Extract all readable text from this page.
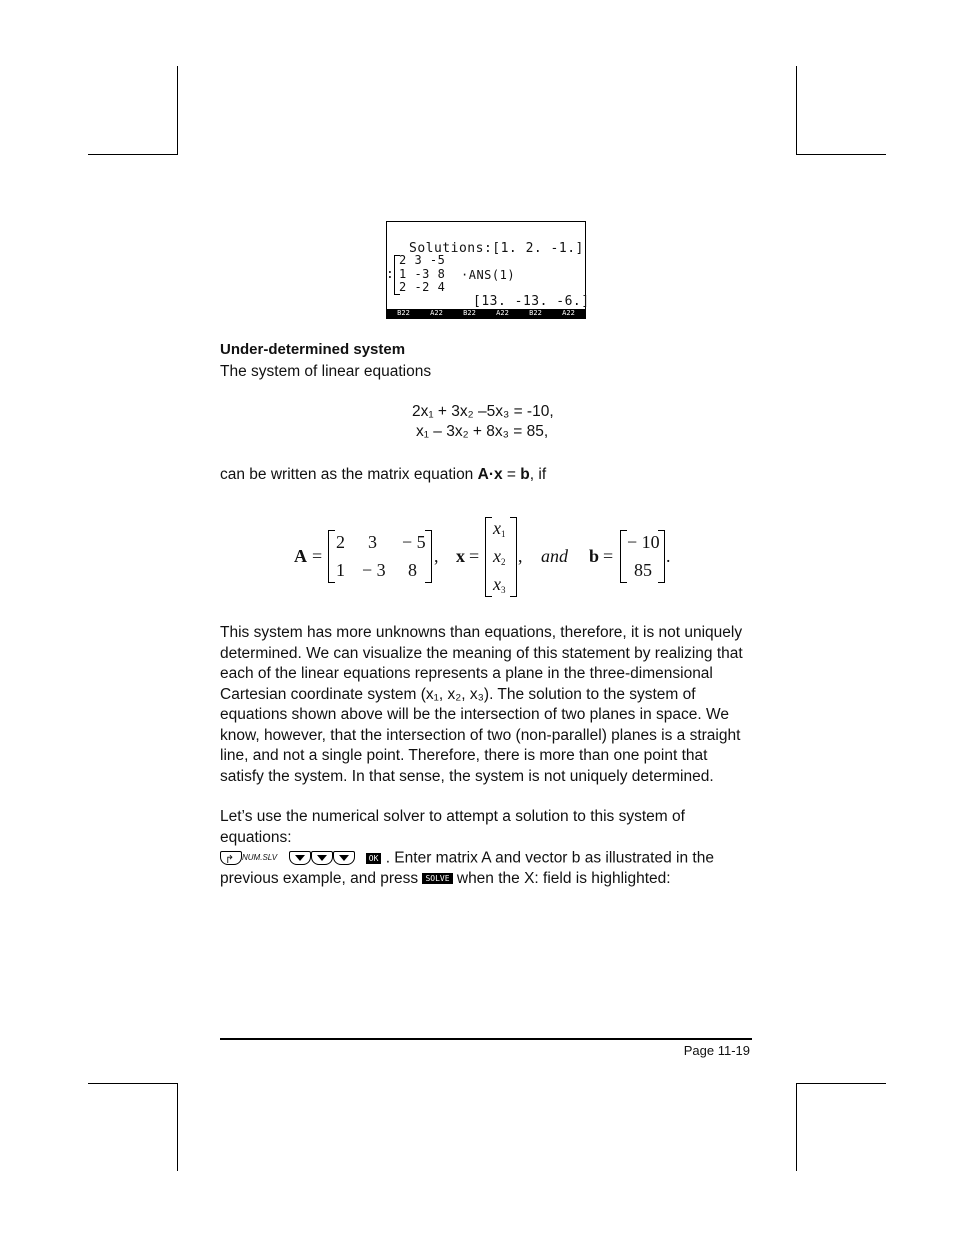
Solutions:[1. 2. -1.]
:
2 3 -5
1 -3 8
2 -2 4
·ANS(1)
[13. -13. -6.]
B22	A22	B22	A22	B22	A22
Under-determined system
The system of linear equations
2x₁ + 3x₂ –5x₃ = -10,
x₁ – 3x₂ + 8x₃ = 85,
can be written as the matrix equation A·x = b, if
A =
2 3 − 5
1 − 3 8
, x =
$x_1$
$x_2$
$x_3$
, and b =
− 10
85
.
This system has more unknowns than equations, therefore, it is not uniquely determined. We can visualize the meaning of this statement by realizing that each of the linear equations represents a plane in the three-dimensional Cartesian coordinate system (x₁, x₂, x₃). The solution to the system of equations shown above will be the intersection of two planes in space. We know, however, that the intersection of two (non-parallel) planes is a straight line, and not a single point. Therefore, there is more than one point that satisfy the system. In that sense, the system is not uniquely determined.
Let’s use the numerical solver to attempt a solution to this system of equations:
↱ NUM.SLV	OK . Enter matrix A and vector b as illustrated in the
previous example, and press SOLVE when the X: field is highlighted:
Page 11-19
